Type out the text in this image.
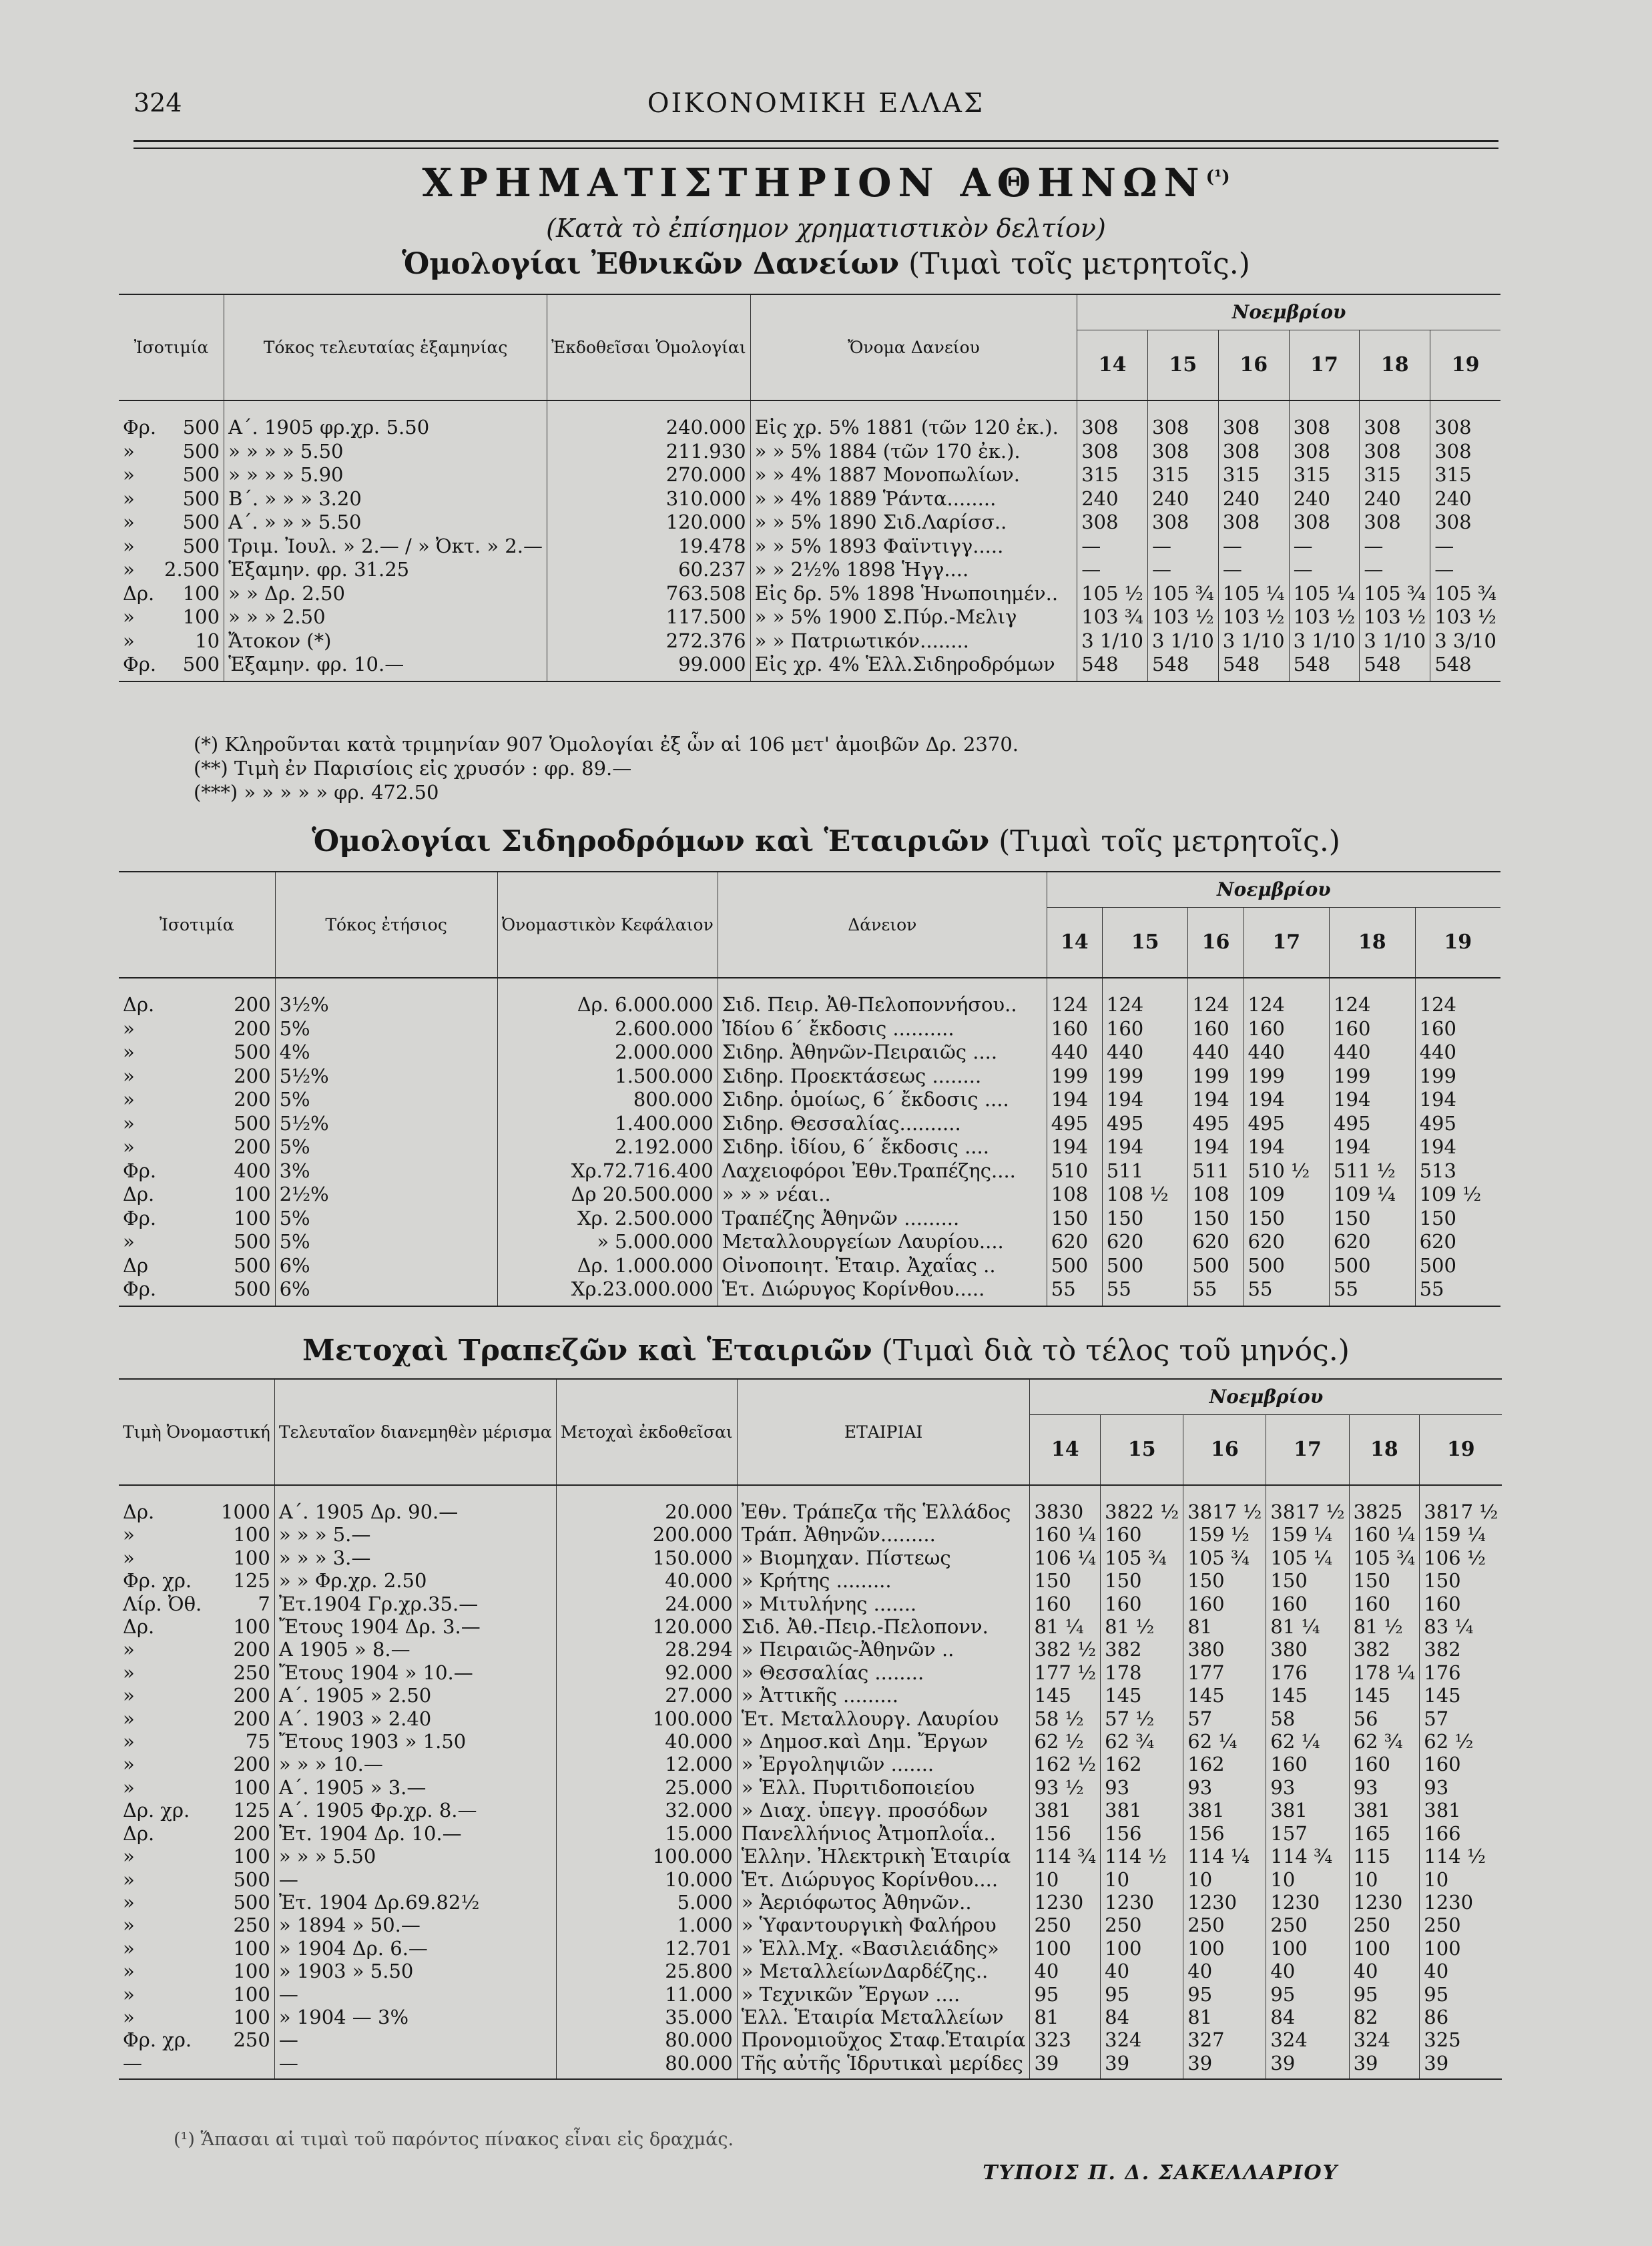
324	ΟΙΚΟΝΟΜΙΚΗ ΕΛΛΑΣ
ΧΡΗΜΑΤΙΣΤΗΡΙΟΝ $A\Theta HN\Omega N^{(^1)}$
(Κατὰ τὸ ἐπίσημον χρηματιστικὸν δελτίον)
Ὁμολογίαι Ἐθνικῶν Δανείων (Τιμαὶ τοῖς μετρητοῖς.)
Ἰσοτιμία		Τόκος τελευταίας ἑξαμηνίας	Ἐκδοθεῖσαι Ὁμολογίαι	Ὄνομα Δανείου	Νοεμβρίου					
					14	15	16	17	18	19
Φρ.	500	Α΄. 1905 φρ.χρ. 5.50	240.000	Εἰς χρ. 5% 1881 (τῶν 120 ἐκ.).	308	308	308	308	308	308
»	500	» » » » 5.50	211.930	» » 5% 1884 (τῶν 170 ἐκ.).	308	308	308	308	308	308
»	500	» » » » 5.90	270.000	» » 4% 1887 Μονοπωλίων.	315	315	315	315	315	315
»	500	Β΄. » » » 3.20	310.000	» » 4% 1889 Ῥάντα........	240	240	240	240	240	240
»	500	Α΄. » » » 5.50	120.000	» » 5% 1890 Σιδ.Λαρίσσ..	308	308	308	308	308	308
»	500	Τριμ. Ἰουλ. » 2.— / » Ὀκτ. » 2.—	19.478	» » 5% 1893 Φαϊντιγγ.....	—	—	—	—	—	—
»	2.500	Ἑξαμην. φρ. 31.25	60.237	» » 2½% 1898 Ἡγγ....	—	—	—	—	—	—
Δρ.	100	» » Δρ. 2.50	763.508	Εἰς δρ. 5% 1898 Ἡνωποιημέν..	105 ½	105 ¾	105 ¼	105 ¼	105 ¾	105 ¾
»	100	» » » 2.50	117.500	» » 5% 1900 Σ.Πύρ.-Μελιγ	103 ¾	103 ½	103 ½	103 ½	103 ½	103 ½
»	10	Ἄτοκον (*)	272.376	» » Πατριωτικόν........	3 1/10	3 1/10	3 1/10	3 1/10	3 1/10	3 3/10
Φρ.	500	Ἑξαμην. φρ. 10.—	99.000	Εἰς χρ. 4% Ἑλλ.Σιδηροδρόμων	548	548	548	548	548	548
(*) Κληροῦνται κατὰ τριμηνίαν 907 Ὁμολογίαι ἐξ ὧν αἱ 106 μετ' ἀμοιβῶν Δρ. 2370.
(**) Τιμὴ ἐν Παρισίοις εἰς χρυσόν : φρ. 89.—
(***) » » » » » φρ. 472.50
Ὁμολογίαι Σιδηροδρόμων καὶ Ἑταιριῶν (Τιμαὶ τοῖς μετρητοῖς.)
Ἰσοτιμία		Τόκος ἐτήσιος	Ὀνομαστικὸν Κεφάλαιον	Δάνειον	Νοεμβρίου					
					14	15	16	17	18	19
Δρ.	200	3½%	Δρ. 6.000.000	Σιδ. Πειρ. Ἀθ-Πελοποννήσου..	124	124	124	124	124	124
»	200	5%	2.600.000	Ἰδίου 6΄ ἔκδοσις ..........	160	160	160	160	160	160
»	500	4%	2.000.000	Σιδηρ. Ἀθηνῶν-Πειραιῶς ....	440	440	440	440	440	440
»	200	5½%	1.500.000	Σιδηρ. Προεκτάσεως ........	199	199	199	199	199	199
»	200	5%	800.000	Σιδηρ. ὁμοίως, 6΄ ἔκδοσις ....	194	194	194	194	194	194
»	500	5½%	1.400.000	Σιδηρ. Θεσσαλίας..........	495	495	495	495	495	495
»	200	5%	2.192.000	Σιδηρ. ἰδίου, 6΄ ἔκδοσις ....	194	194	194	194	194	194
Φρ.	400	3%	Χρ.72.716.400	Λαχειοφόροι Ἐθν.Τραπέζης....	510	511	511	510 ½	511 ½	513
Δρ.	100	2½%	Δρ 20.500.000	» » » νέαι..	108	108 ½	108	109	109 ¼	109 ½
Φρ.	100	5%	Χρ. 2.500.000	Τραπέζης Ἀθηνῶν .........	150	150	150	150	150	150
»	500	5%	» 5.000.000	Μεταλλουργείων Λαυρίου....	620	620	620	620	620	620
Δρ	500	6%	Δρ. 1.000.000	Οἰνοποιητ. Ἑταιρ. Ἀχαΐας ..	500	500	500	500	500	500
Φρ.	500	6%	Χρ.23.000.000	Ἑτ. Διώρυγος Κορίνθου.....	55	55	55	55	55	55
Μετοχαὶ Τραπεζῶν καὶ Ἑταιριῶν (Τιμαὶ διὰ τὸ τέλος τοῦ μηνός.)
Τιμὴ Ὀνομαστική		Τελευταῖον διανεμηθὲν μέρισμα	Μετοχαὶ ἐκδοθεῖσαι	ΕΤΑΙΡΙΑΙ	Νοεμβρίου					
					14	15	16	17	18	19
Δρ.	1000	Α΄. 1905 Δρ. 90.—	20.000	Ἐθν. Τράπεζα τῆς Ἑλλάδος	3830	3822 ½	3817 ½	3817 ½	3825	3817 ½
»	100	» » » 5.—	200.000	Τράπ. Ἀθηνῶν.........	160 ¼	160	159 ½	159 ¼	160 ¼	159 ¼
»	100	» » » 3.—	150.000	» Βιομηχαν. Πίστεως	106 ¼	105 ¾	105 ¾	105 ¼	105 ¾	106 ½
Φρ. χρ.	125	» » Φρ.χρ. 2.50	40.000	» Κρήτης .........	150	150	150	150	150	150
Λίρ. Ὀθ.	7	Ἐτ.1904 Γρ.χρ.35.—	24.000	» Μιτυλήνης .......	160	160	160	160	160	160
Δρ.	100	Ἔτους 1904 Δρ. 3.—	120.000	Σιδ. Ἀθ.-Πειρ.-Πελοπονν.	81 ¼	81 ½	81	81 ¼	81 ½	83 ¼
»	200	Α 1905 » 8.—	28.294	» Πειραιῶς-Ἀθηνῶν ..	382 ½	382	380	380	382	382
»	250	Ἔτους 1904 » 10.—	92.000	» Θεσσαλίας ........	177 ½	178	177	176	178 ¼	176
»	200	Α΄. 1905 » 2.50	27.000	» Ἀττικῆς .........	145	145	145	145	145	145
»	200	Α΄. 1903 » 2.40	100.000	Ἑτ. Μεταλλουργ. Λαυρίου	58 ½	57 ½	57	58	56	57
»	75	Ἔτους 1903 » 1.50	40.000	» Δημοσ.καὶ Δημ. Ἔργων	62 ½	62 ¾	62 ¼	62 ¼	62 ¾	62 ½
»	200	» » » 10.—	12.000	» Ἐργοληψιῶν .......	162 ½	162	162	160	160	160
»	100	Α΄. 1905 » 3.—	25.000	» Ἑλλ. Πυριτιδοποιείου	93 ½	93	93	93	93	93
Δρ. χρ.	125	Α΄. 1905 Φρ.χρ. 8.—	32.000	» Διαχ. ὑπεγγ. προσόδων	381	381	381	381	381	381
Δρ.	200	Ἐτ. 1904 Δρ. 10.—	15.000	Πανελλήνιος Ἀτμοπλοΐα..	156	156	156	157	165	166
»	100	» » » 5.50	100.000	Ἑλλην. Ἠλεκτρικὴ Ἑταιρία	114 ¾	114 ½	114 ¼	114 ¾	115	114 ½
»	500	—	10.000	Ἑτ. Διώρυγος Κορίνθου....	10	10	10	10	10	10
»	500	Ἐτ. 1904 Δρ.69.82½	5.000	» Ἀεριόφωτος Ἀθηνῶν..	1230	1230	1230	1230	1230	1230
»	250	» 1894 » 50.—	1.000	» Ὑφαντουργικὴ Φαλήρου	250	250	250	250	250	250
»	100	» 1904 Δρ. 6.—	12.701	» Ἑλλ.Μχ. «Βασιλειάδης»	100	100	100	100	100	100
»	100	» 1903 » 5.50	25.800	» ΜεταλλείωνΔαρδέζης..	40	40	40	40	40	40
»	100	—	11.000	» Τεχνικῶν Ἔργων ....	95	95	95	95	95	95
»	100	» 1904 — 3%	35.000	Ἑλλ. Ἑταιρία Μεταλλείων	81	84	81	84	82	86
Φρ. χρ.	250	—	80.000	Προνομιοῦχος Σταφ.Ἑταιρία	323	324	327	324	324	325
—		—	80.000	Τῆς αὐτῆς Ἱδρυτικαὶ μερίδες	39	39	39	39	39	39
(¹) Ἅπασαι αἱ τιμαὶ τοῦ παρόντος πίνακος εἶναι εἰς δραχμάς.
ΤΥΠΟΙΣ Π. Δ. ΣΑΚΕΛΛΑΡΙΟΥ
